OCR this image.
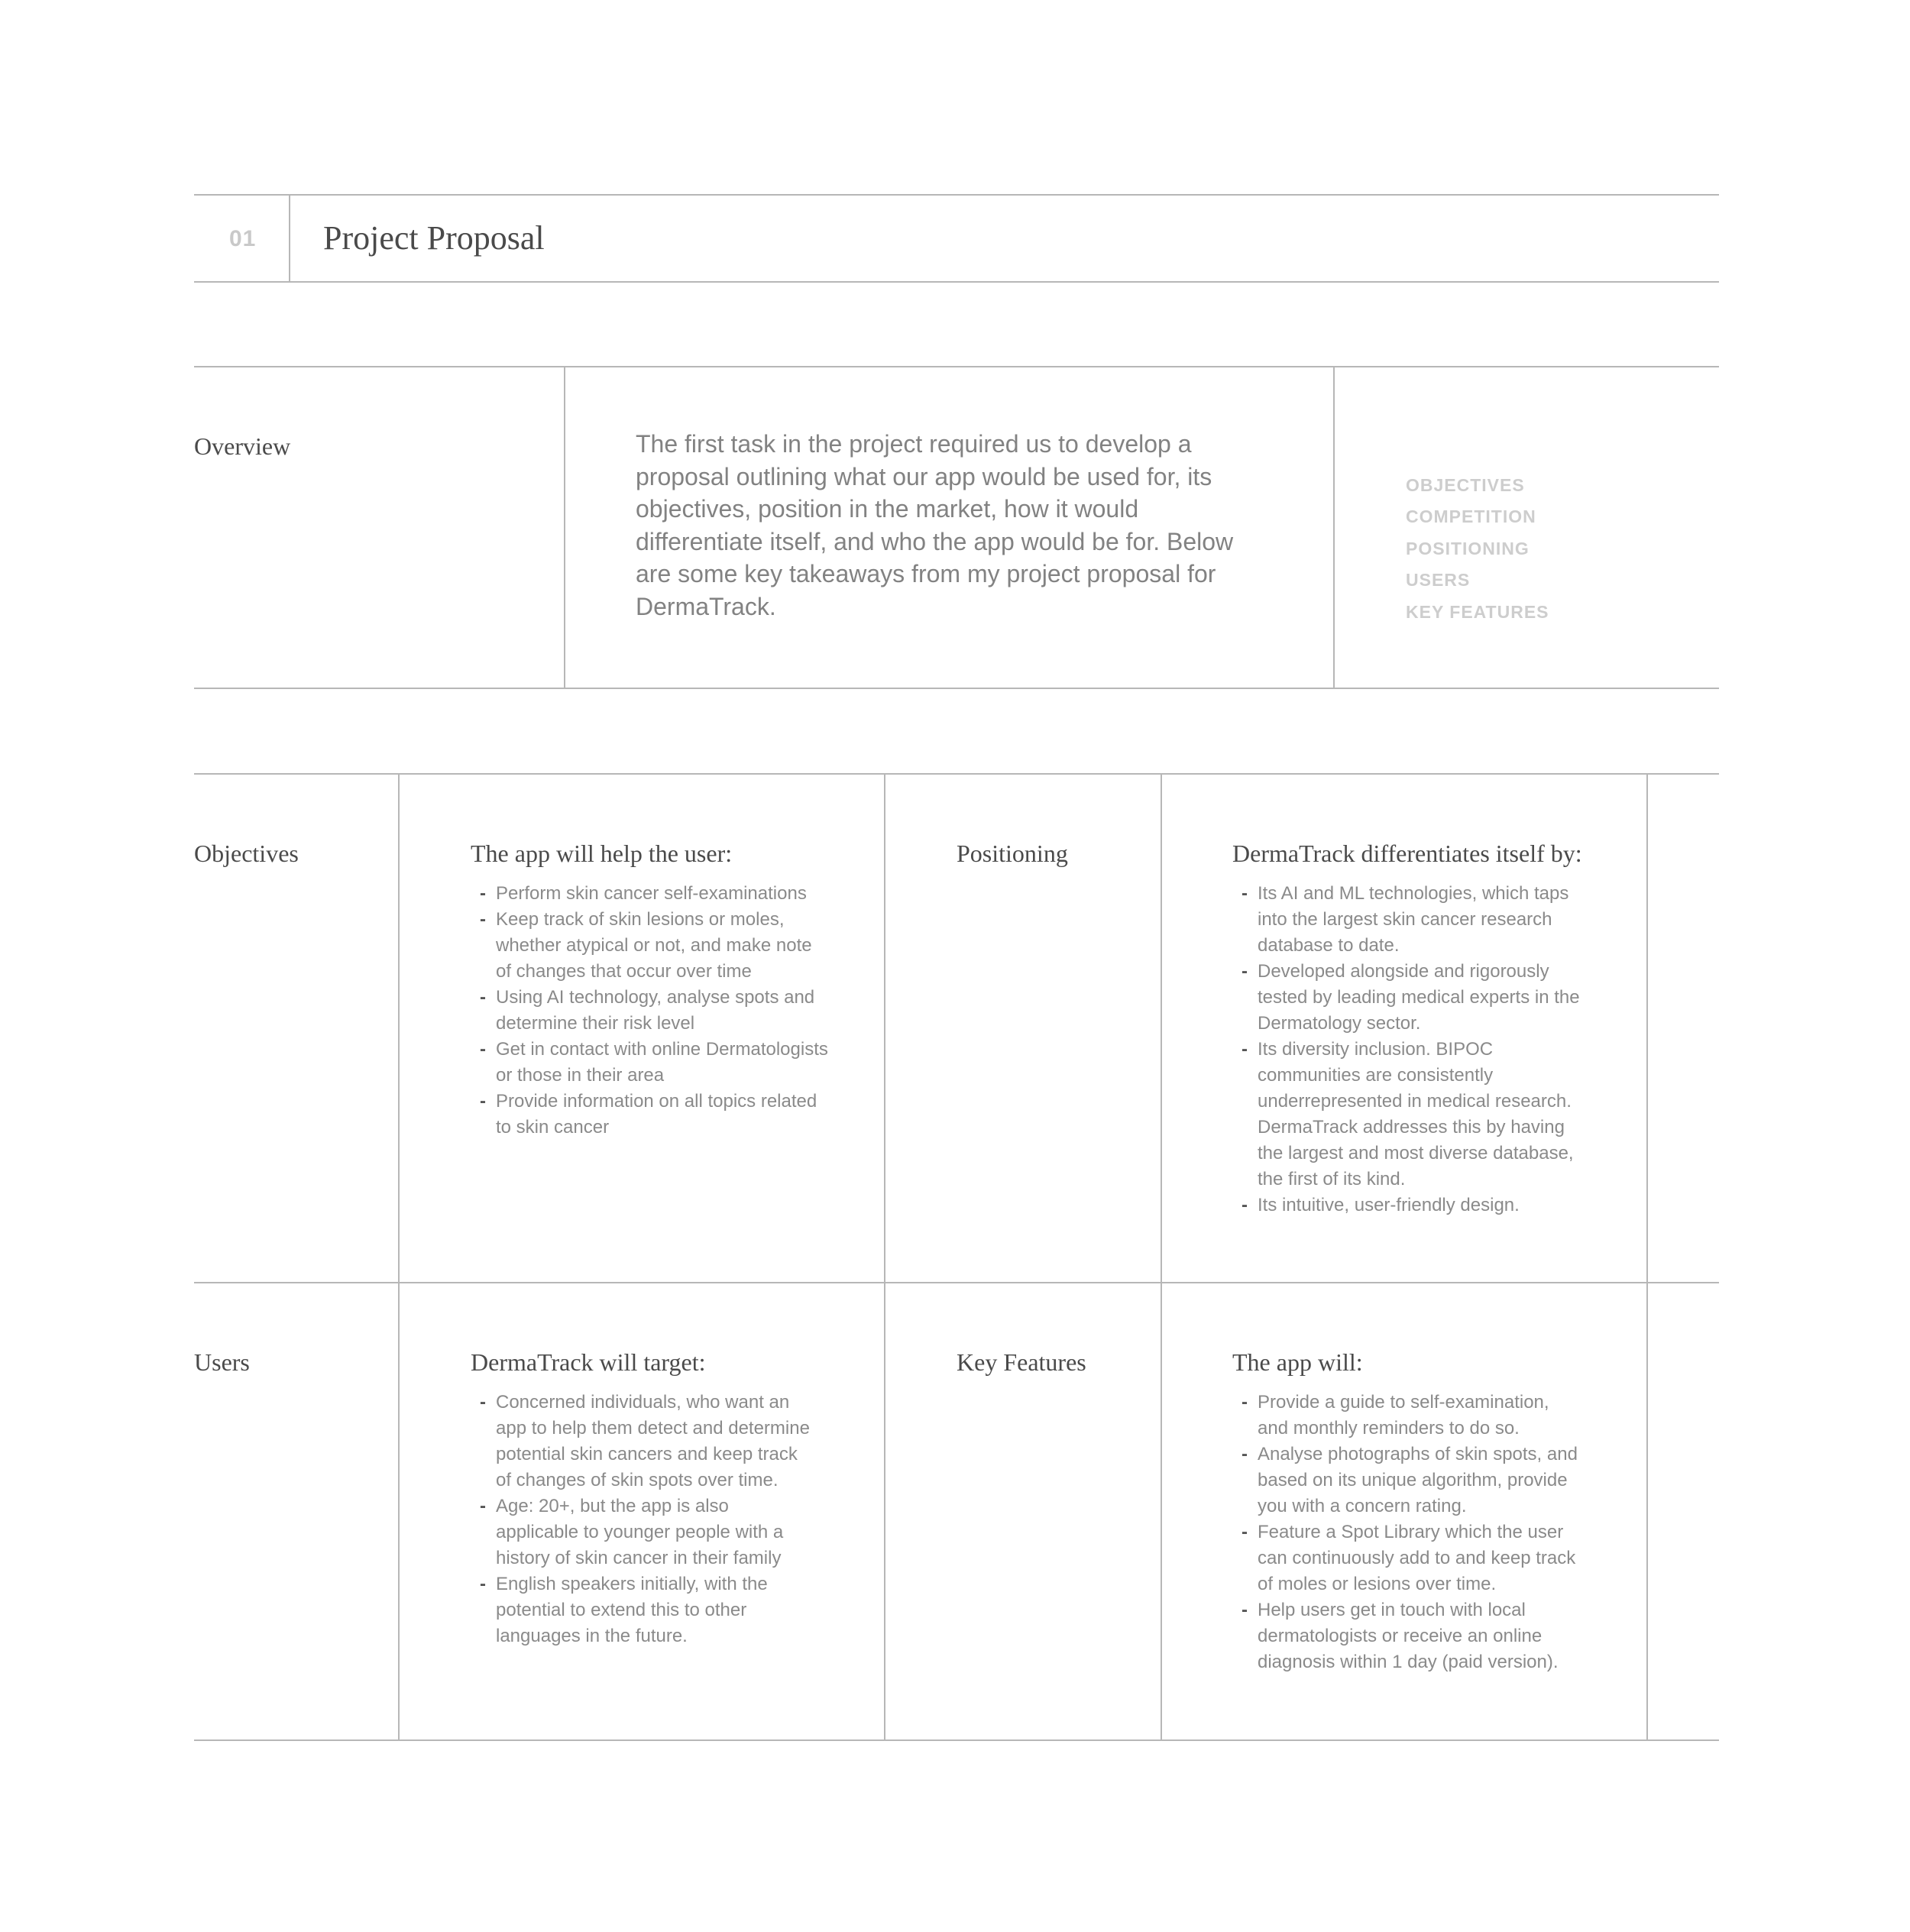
01 Project Proposal
Overview	The first task in the project required us to develop a proposal outlining what our app would be used for, its objectives, position in the market, how it would differentiate itself, and who the app would be for. Below are some key takeaways from my project proposal for DermaTrack.
OBJECTIVES
COMPETITION
POSITIONING
USERS
KEY FEATURES
Objectives	The app will help the user:
- Perform skin cancer self-examinations
- Keep track of skin lesions or moles, whether atypical or not, and make note of changes that occur over time
- Using AI technology, analyse spots and determine their risk level
- Get in contact with online Dermatologists or those in their area
- Provide information on all topics related to skin cancer
Positioning	DermaTrack differentiates itself by:
- Its AI and ML technologies, which taps into the largest skin cancer research database to date.
- Developed alongside and rigorously tested by leading medical experts in the Dermatology sector.
- Its diversity inclusion. BIPOC communities are consistently underrepresented in medical research. DermaTrack addresses this by having the largest and most diverse database, the first of its kind.
- Its intuitive, user-friendly design.
Users	DermaTrack will target:
- Concerned individuals, who want an app to help them detect and determine potential skin cancers and keep track of changes of skin spots over time.
- Age: 20+, but the app is also applicable to younger people with a history of skin cancer in their family
- English speakers initially, with the potential to extend this to other languages in the future.
Key Features	The app will:
- Provide a guide to self-examination, and monthly reminders to do so.
- Analyse photographs of skin spots, and based on its unique algorithm, provide you with a concern rating.
- Feature a Spot Library which the user can continuously add to and keep track of moles or lesions over time.
- Help users get in touch with local dermatologists or receive an online diagnosis within 1 day (paid version).
